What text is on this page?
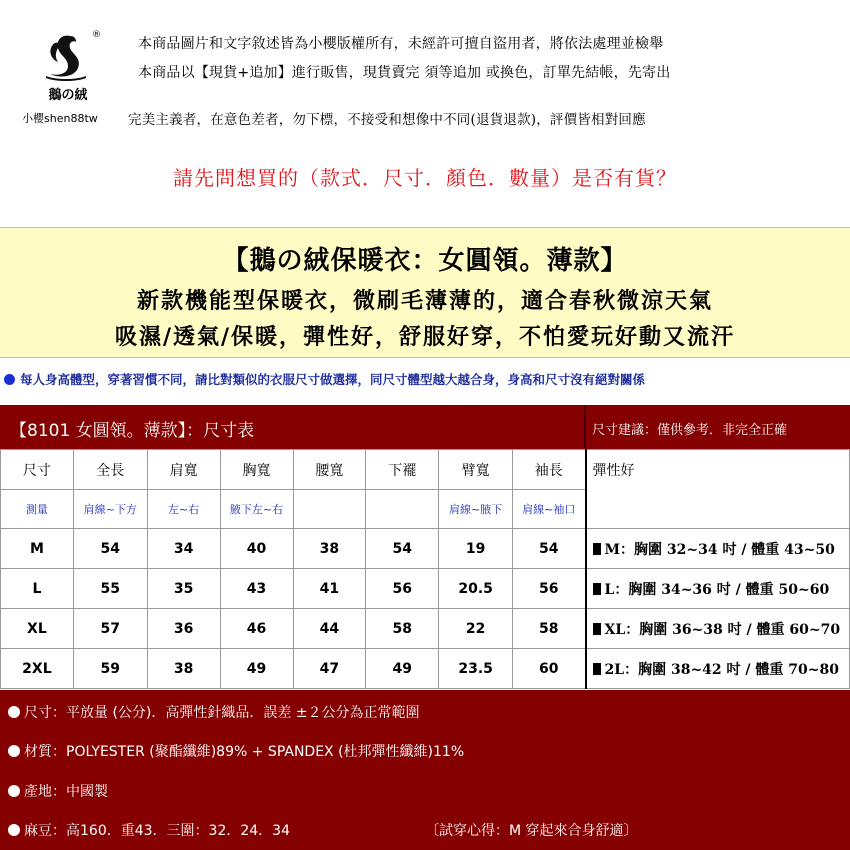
®
鵝の絨
小櫻shen88tw
本商品圖片和文字敘述皆為小櫻版權所有，未經許可擅自盜用者，將依法處理並檢舉
本商品以【現貨+追加】進行販售，現貨賣完 須等追加 或換色，訂單先結帳，先寄出
完美主義者，在意色差者，勿下標，不接受和想像中不同(退貨退款)，評價皆相對回應
請先問想買的（款式．尺寸．顏色．數量）是否有貨？
【鵝の絨保暖衣：女圓領。薄款】
新款機能型保暖衣，微刷毛薄薄的，適合春秋微涼天氣
吸濕/透氣/保暖，彈性好，舒服好穿，不怕愛玩好動又流汗
每人身高體型，穿著習慣不同，請比對類似的衣服尺寸做選擇，同尺寸體型越大越合身，身高和尺寸沒有絕對關係
【8101 女圓領。薄款】：尺寸表	尺寸建議：僅供參考．非完全正確
尺寸	全長	肩寬	胸寬	腰寬	下襬	臂寬	袖長	彈性好
測量	肩線~下方	左~右	腋下左~右			肩線~腋下	肩線~袖口	
M	54	34	40	38	54	19	54	M：胸圍 32~34 吋 / 體重 43~50
L	55	35	43	41	56	20.5	56	L：胸圍 34~36 吋 / 體重 50~60
XL	57	36	46	44	58	22	58	XL：胸圍 36~38 吋 / 體重 60~70
2XL	59	38	49	47	49	23.5	60	2L：胸圍 38~42 吋 / 體重 70~80
尺寸：平放量 (公分)．高彈性針織品．誤差 ±２公分為正常範圍
材質：POLYESTER (聚酯纖維)89% + SPANDEX (杜邦彈性纖維)11%
產地：中國製
麻豆：高160．重43．三圍：32．24．34	〔試穿心得：M 穿起來合身舒適〕
